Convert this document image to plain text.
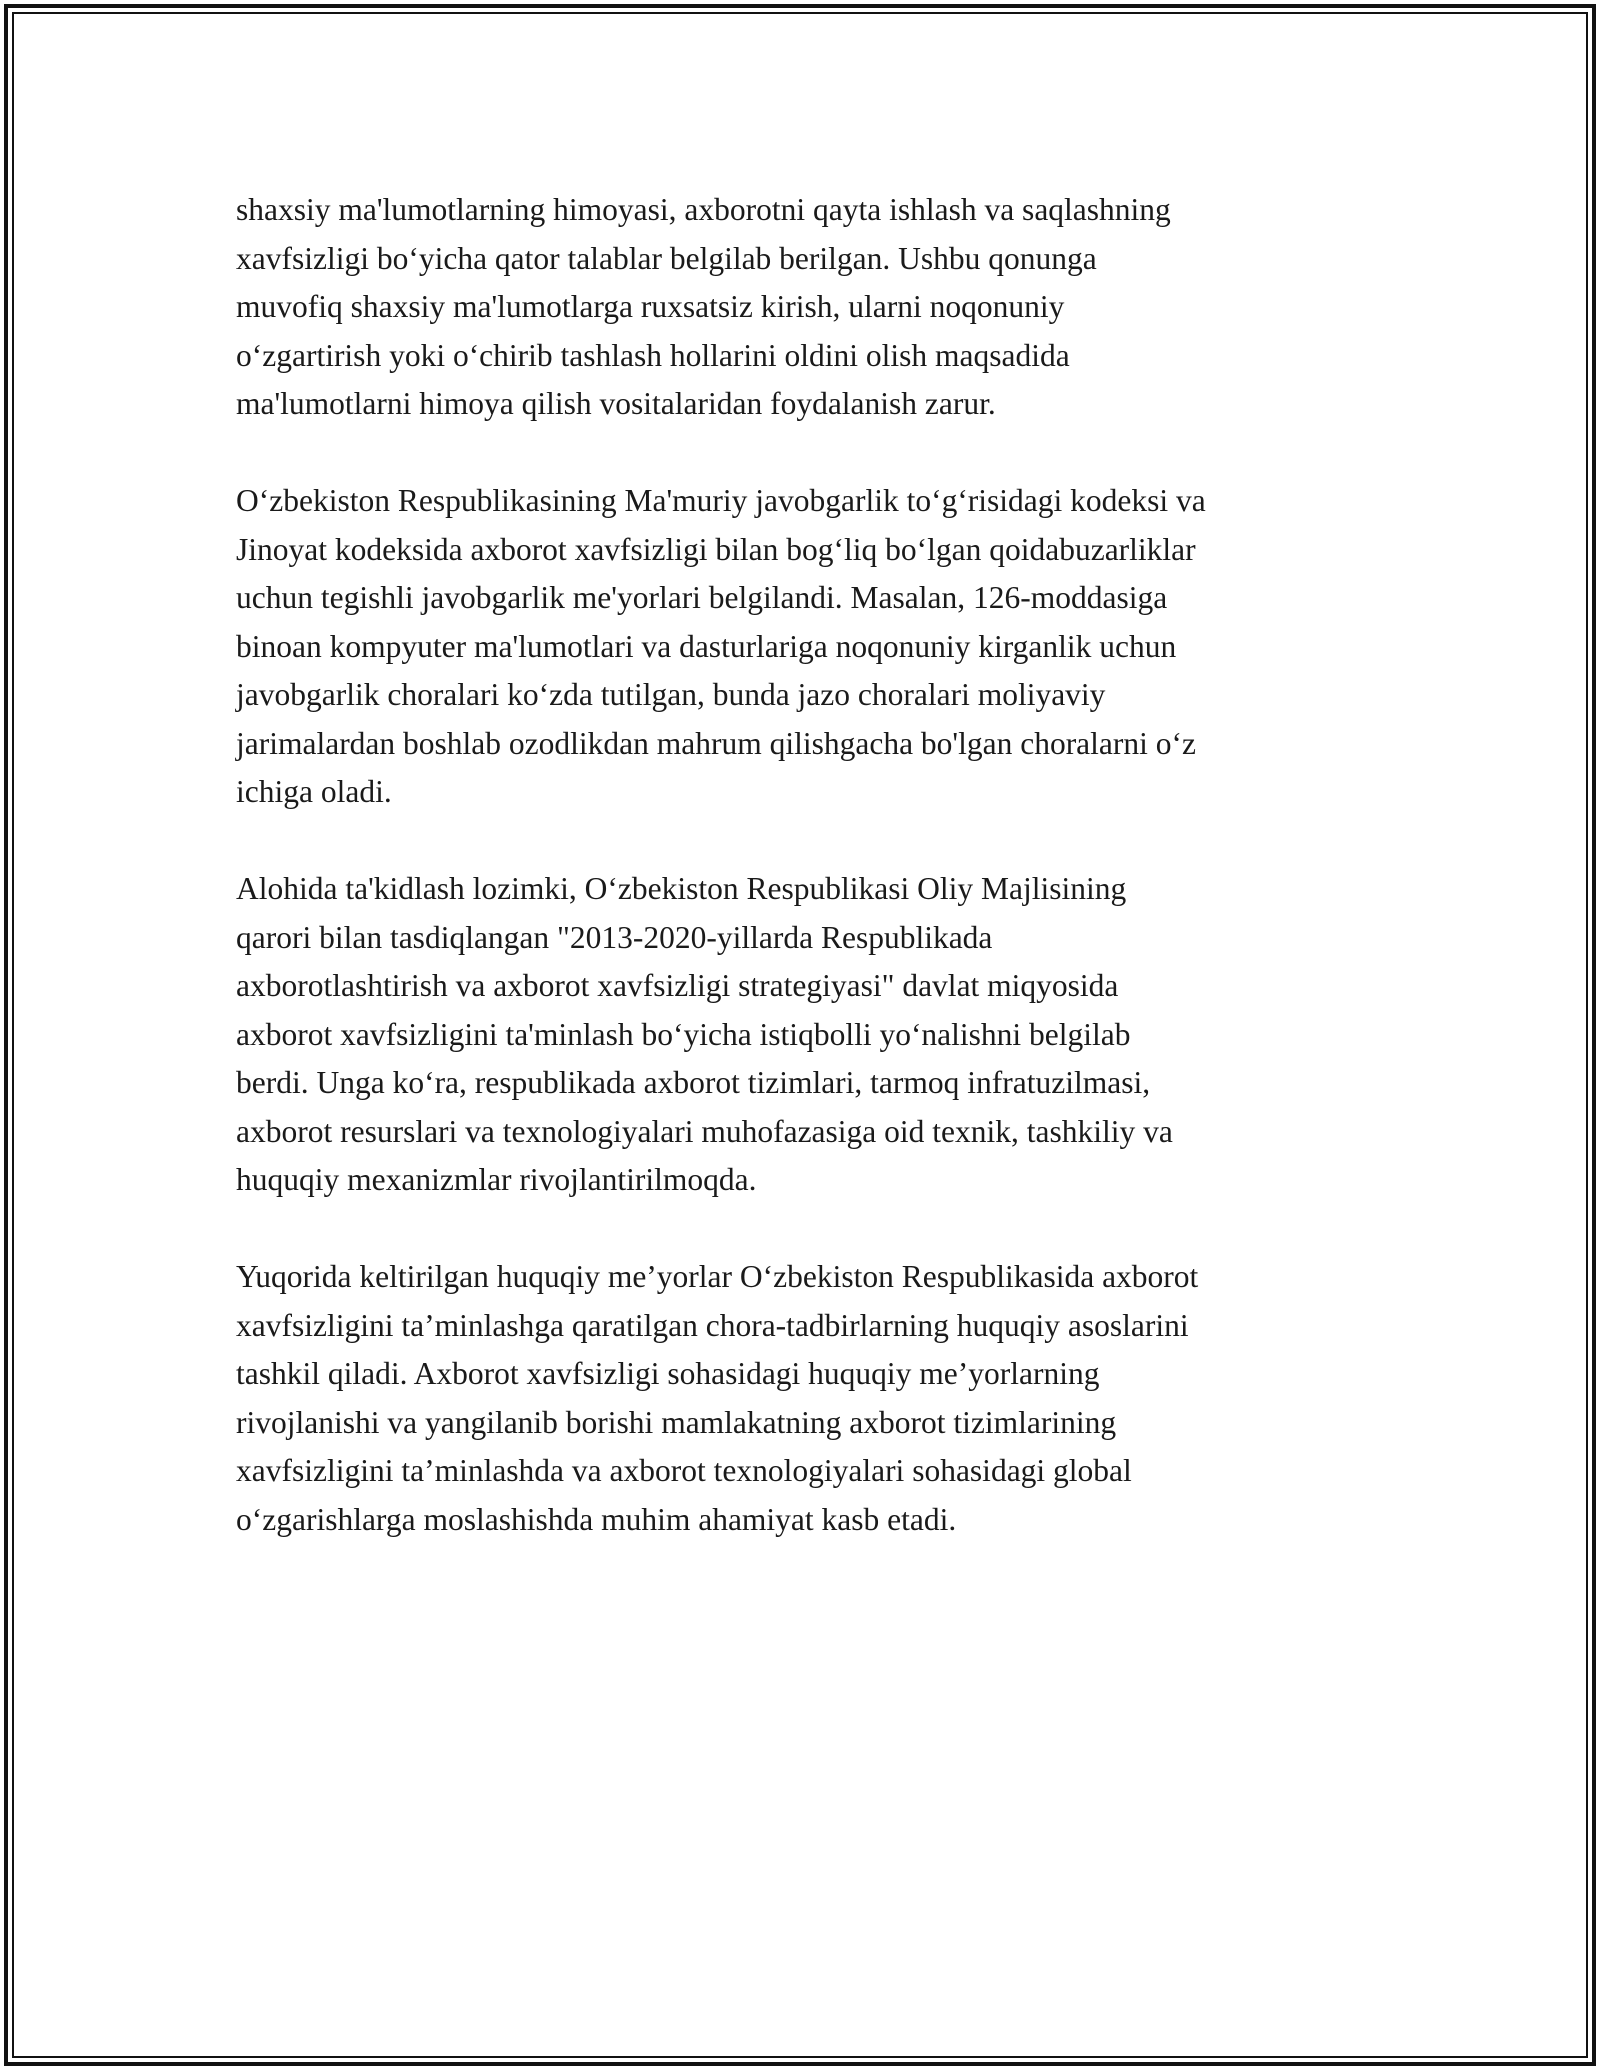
shaxsiy ma'lumotlarning himoyasi, axborotni qayta ishlash va saqlashning
xavfsizligi bo‘yicha qator talablar belgilab berilgan. Ushbu qonunga
muvofiq shaxsiy ma'lumotlarga ruxsatsiz kirish, ularni noqonuniy
o‘zgartirish yoki o‘chirib tashlash hollarini oldini olish maqsadida
ma'lumotlarni himoya qilish vositalaridan foydalanish zarur.

O‘zbekiston Respublikasining Ma'muriy javobgarlik to‘g‘risidagi kodeksi va
Jinoyat kodeksida axborot xavfsizligi bilan bog‘liq bo‘lgan qoidabuzarliklar
uchun tegishli javobgarlik me'yorlari belgilandi. Masalan, 126-moddasiga
binoan kompyuter ma'lumotlari va dasturlariga noqonuniy kirganlik uchun
javobgarlik choralari ko‘zda tutilgan, bunda jazo choralari moliyaviy
jarimalardan boshlab ozodlikdan mahrum qilishgacha bo'lgan choralarni o‘z
ichiga oladi.

Alohida ta'kidlash lozimki, O‘zbekiston Respublikasi Oliy Majlisining
qarori bilan tasdiqlangan "2013-2020-yillarda Respublikada
axborotlashtirish va axborot xavfsizligi strategiyasi" davlat miqyosida
axborot xavfsizligini ta'minlash bo‘yicha istiqbolli yo‘nalishni belgilab
berdi. Unga ko‘ra, respublikada axborot tizimlari, tarmoq infratuzilmasi,
axborot resurslari va texnologiyalari muhofazasiga oid texnik, tashkiliy va
huquqiy mexanizmlar rivojlantirilmoqda.

Yuqorida keltirilgan huquqiy me’yorlar O‘zbekiston Respublikasida axborot
xavfsizligini ta’minlashga qaratilgan chora-tadbirlarning huquqiy asoslarini
tashkil qiladi. Axborot xavfsizligi sohasidagi huquqiy me’yorlarning
rivojlanishi va yangilanib borishi mamlakatning axborot tizimlarining
xavfsizligini ta’minlashda va axborot texnologiyalari sohasidagi global
o‘zgarishlarga moslashishda muhim ahamiyat kasb etadi.
